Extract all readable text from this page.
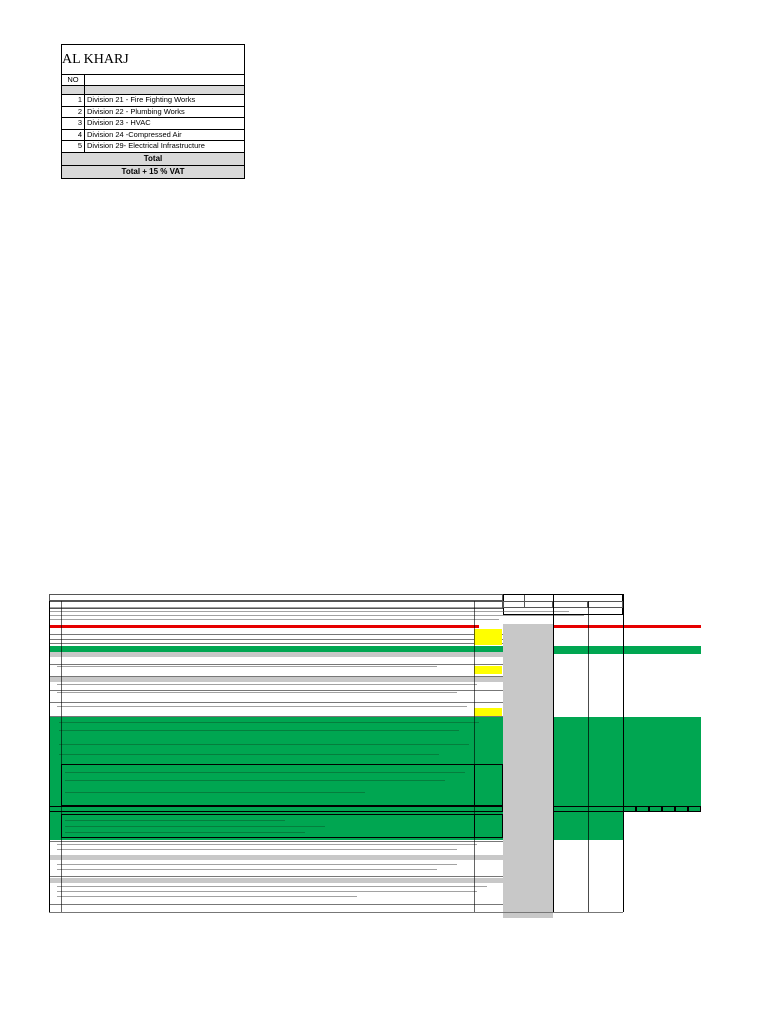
AL KHARJ	
NO	

1	Division 21 - Fire Fighting Works
2	Division 22 - Plumbing Works
3	Division 23 - HVAC
4	Division 24 -Compressed Air
5	Division 29- Electrical Infrastructure
Total	
Total + 15 % VAT	
